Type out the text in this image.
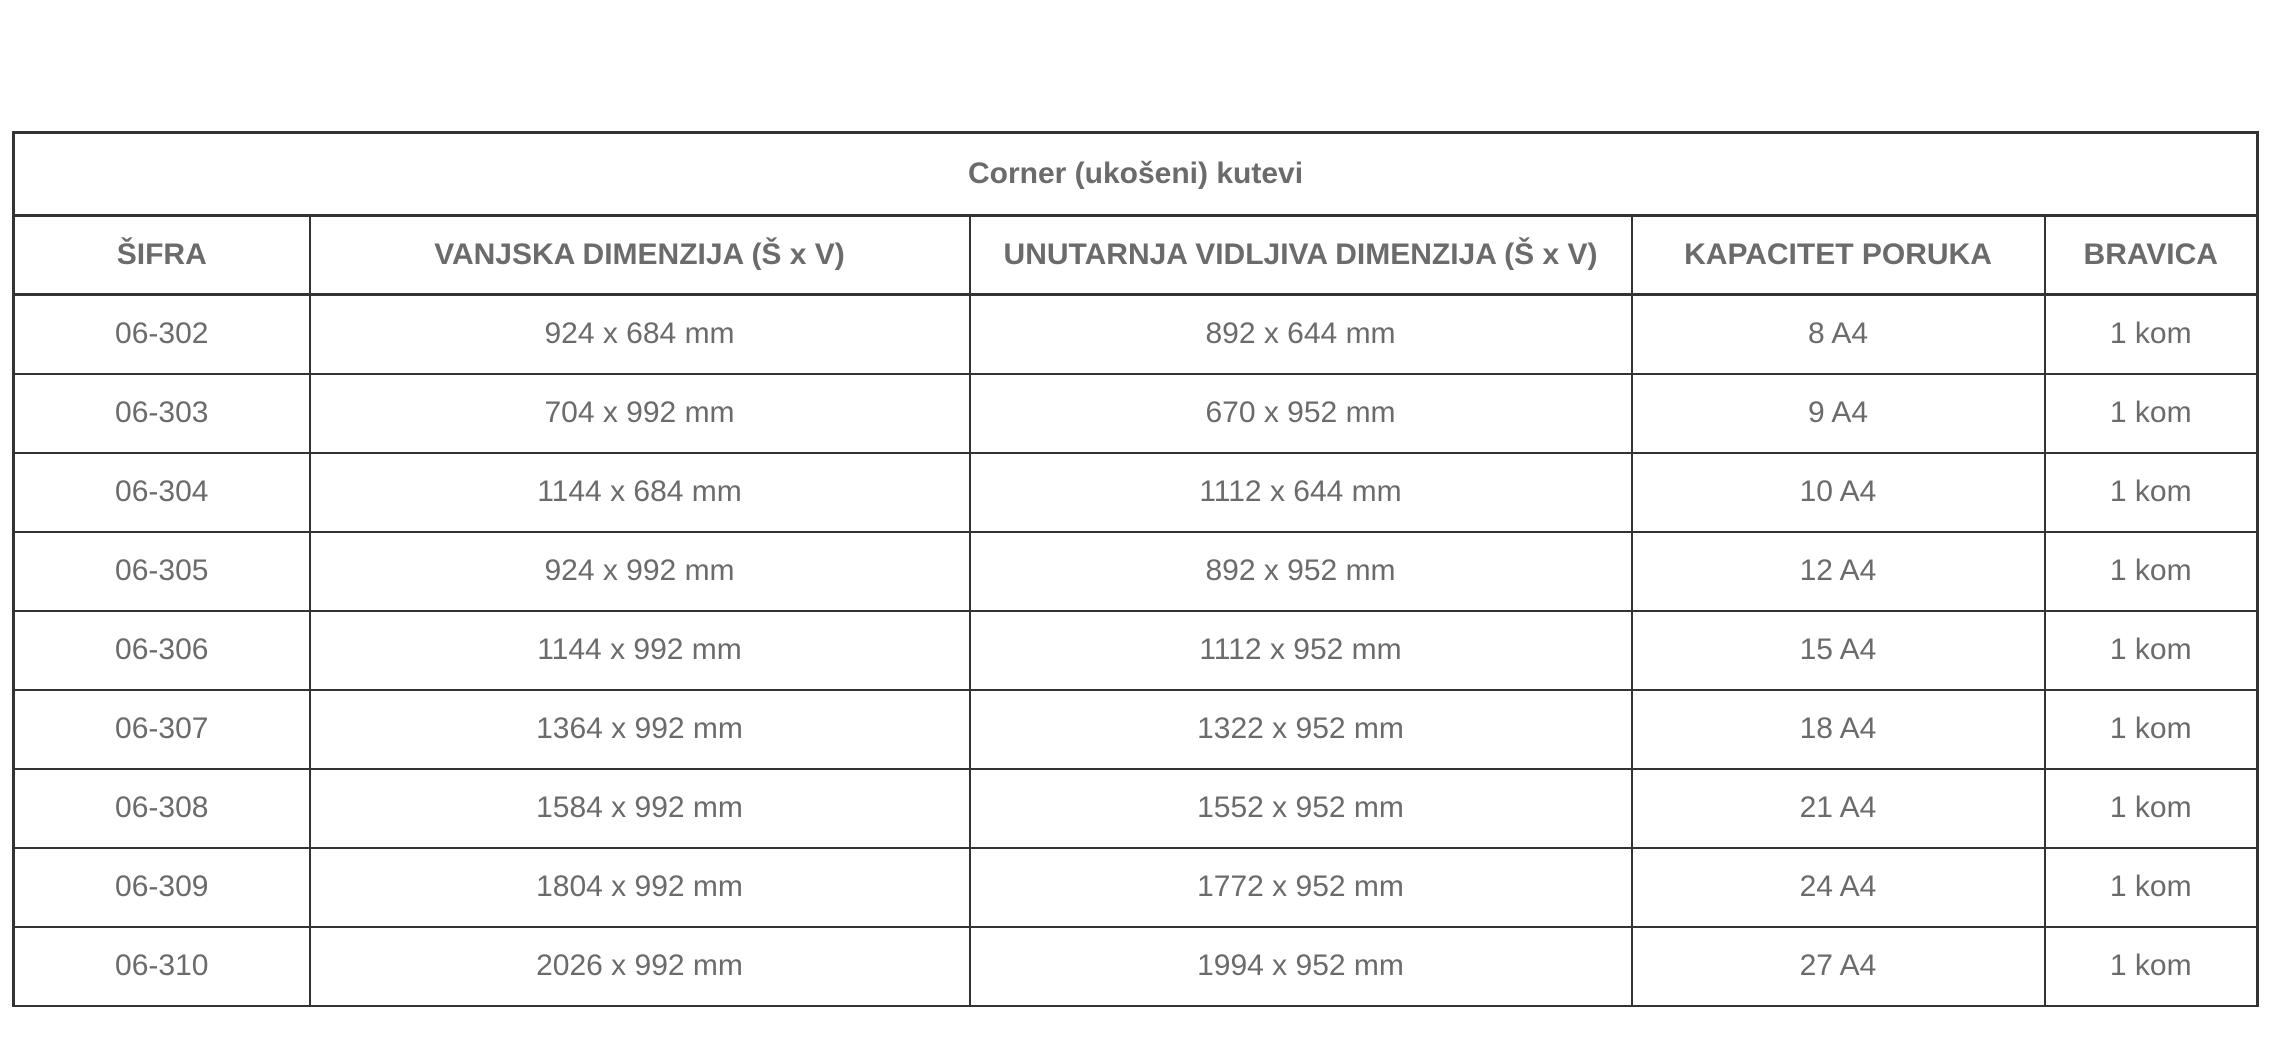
Corner (ukošeni) kutevi				
ŠIFRA	VANJSKA DIMENZIJA (Š x V)	UNUTARNJA VIDLJIVA DIMENZIJA (Š x V)	KAPACITET PORUKA	BRAVICA
06-302	924 x 684 mm	892 x 644 mm	8 A4	1 kom
06-303	704 x 992 mm	670 x 952 mm	9 A4	1 kom
06-304	1144 x 684 mm	1112 x 644 mm	10 A4	1 kom
06-305	924 x 992 mm	892 x 952 mm	12 A4	1 kom
06-306	1144 x 992 mm	1112 x 952 mm	15 A4	1 kom
06-307	1364 x 992 mm	1322 x 952 mm	18 A4	1 kom
06-308	1584 x 992 mm	1552 x 952 mm	21 A4	1 kom
06-309	1804 x 992 mm	1772 x 952 mm	24 A4	1 kom
06-310	2026 x 992 mm	1994 x 952 mm	27 A4	1 kom
